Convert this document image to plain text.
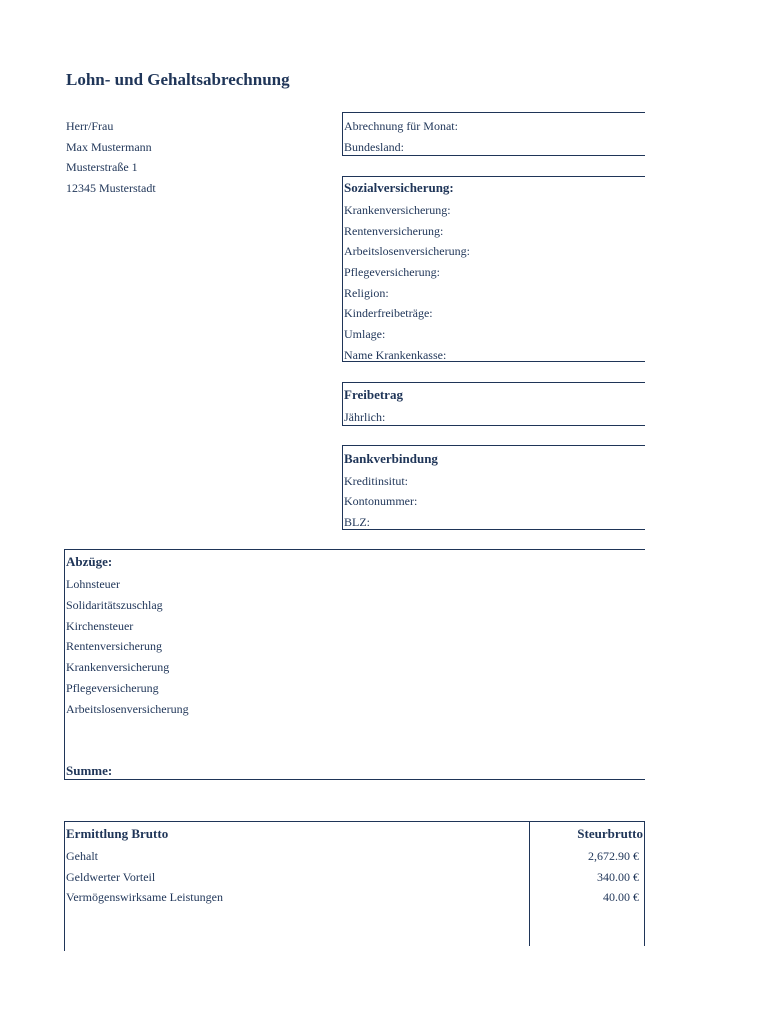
Lohn- und Gehaltsabrechnung
Herr/Frau
Max Mustermann
Musterstraße 1
12345 Musterstadt
Abrechnung für Monat:
Bundesland:
Sozialversicherung:
Krankenversicherung:
Rentenversicherung:
Arbeitslosenversicherung:
Pflegeversicherung:
Religion:
Kinderfreibeträge:
Umlage:
Name Krankenkasse:
Freibetrag
Jährlich:
Bankverbindung
Kreditinsitut:
Kontonummer:
BLZ:
Abzüge:
Lohnsteuer
Solidaritätszuschlag
Kirchensteuer
Rentenversicherung
Krankenversicherung
Pflegeversicherung
Arbeitslosenversicherung
Summe:
Ermittlung Brutto	Steurbrutto
Gehalt	2,672.90 €
Geldwerter Vorteil	340.00 €
Vermögenswirksame Leistungen	40.00 €
